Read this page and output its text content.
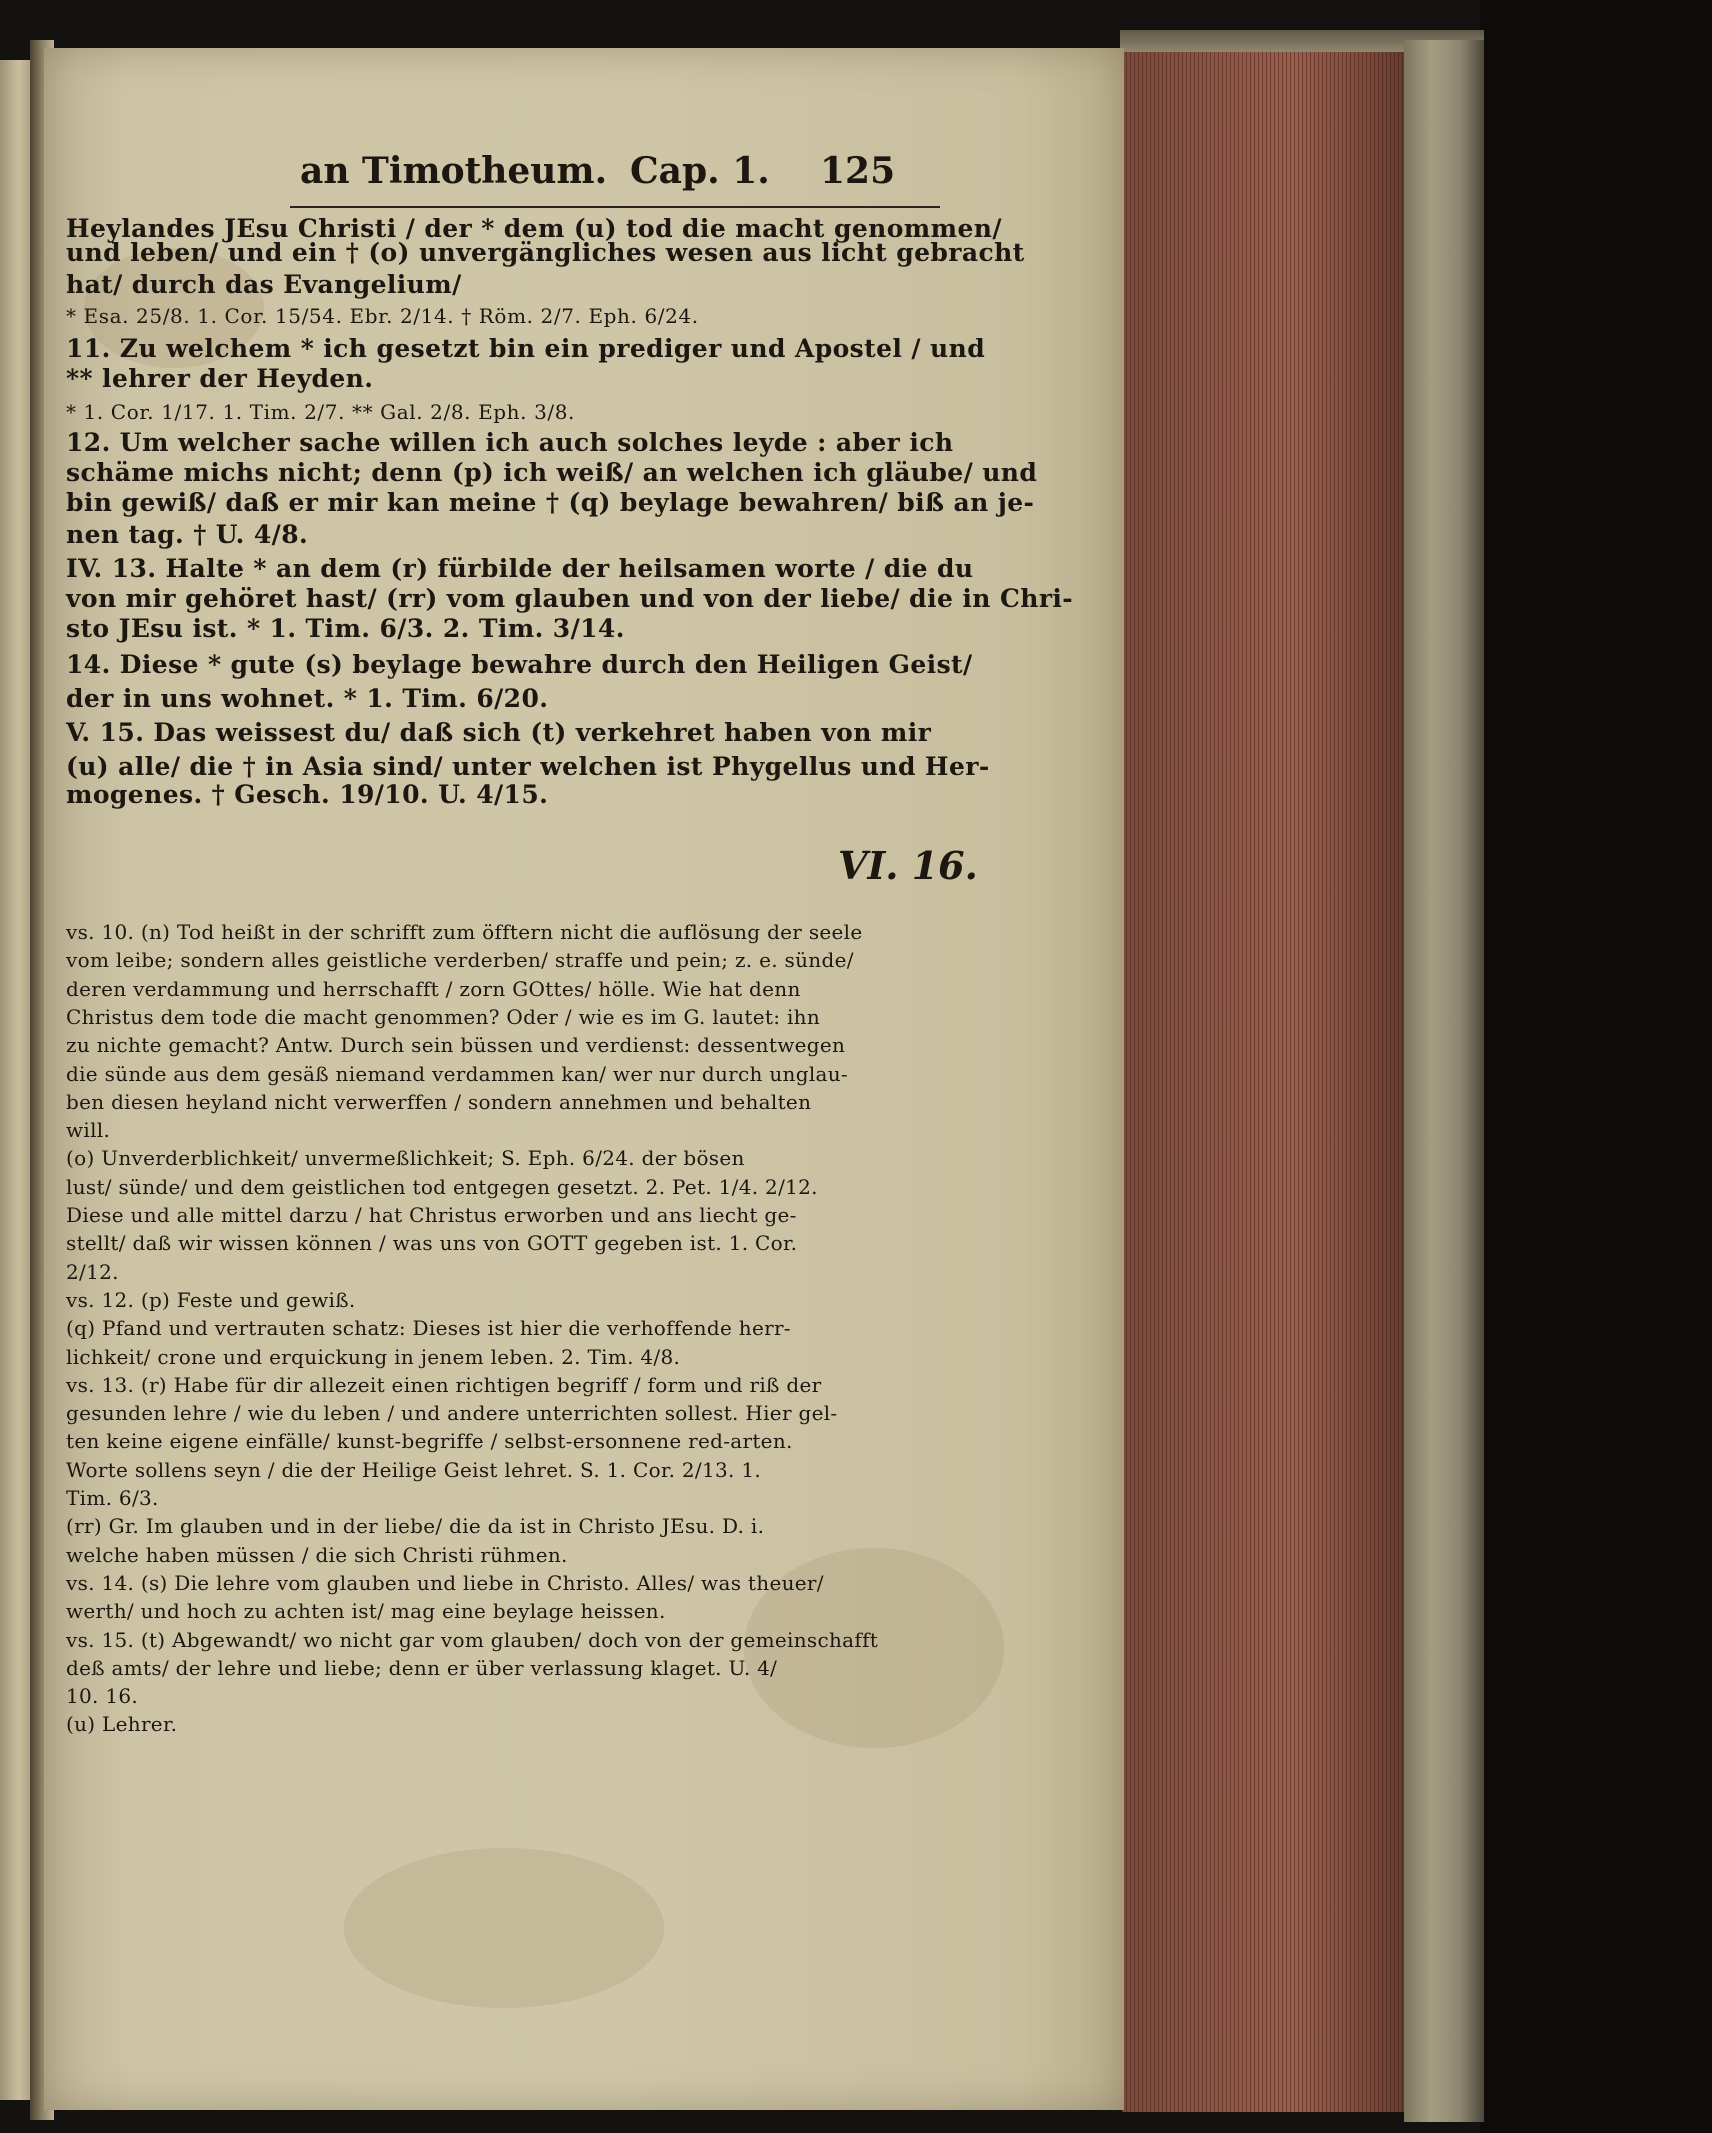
an Timotheum. Cap. 1. 125
Heylandes JEsu Christi / der * dem (u) tod die macht genommen/
und leben/ und ein † (o) unvergängliches wesen aus licht gebracht
hat/ durch das Evangelium/
* Esa. 25/8. 1. Cor. 15/54. Ebr. 2/14. † Röm. 2/7. Eph. 6/24.
11. Zu welchem * ich gesetzt bin ein prediger und Apostel / und
** lehrer der Heyden.
* 1. Cor. 1/17. 1. Tim. 2/7. ** Gal. 2/8. Eph. 3/8.
12. Um welcher sache willen ich auch solches leyde : aber ich
schäme michs nicht; denn (p) ich weiß/ an welchen ich gläube/ und
bin gewiß/ daß er mir kan meine † (q) beylage bewahren/ biß an je-
nen tag. † U. 4/8.
IV. 13. Halte * an dem (r) fürbilde der heilsamen worte / die du
von mir gehöret hast/ (rr) vom glauben und von der liebe/ die in Chri-
sto JEsu ist. * 1. Tim. 6/3. 2. Tim. 3/14.
14. Diese * gute (s) beylage bewahre durch den Heiligen Geist/
der in uns wohnet. * 1. Tim. 6/20.
V. 15. Das weissest du/ daß sich (t) verkehret haben von mir
(u) alle/ die † in Asia sind/ unter welchen ist Phygellus und Her-
mogenes. † Gesch. 19/10. U. 4/15.
VI. 16.
vs. 10. (n) Tod heißt in der schrifft zum öfftern nicht die auflösung der seele
vom leibe; sondern alles geistliche verderben/ straffe und pein; z. e. sünde/
deren verdammung und herrschafft / zorn GOttes/ hölle. Wie hat denn
Christus dem tode die macht genommen? Oder / wie es im G. lautet: ihn
zu nichte gemacht? Antw. Durch sein büssen und verdienst: dessentwegen
die sünde aus dem gesäß niemand verdammen kan/ wer nur durch unglau-
ben diesen heyland nicht verwerffen / sondern annehmen und behalten
will.
(o) Unverderblichkeit/ unvermeßlichkeit; S. Eph. 6/24. der bösen
lust/ sünde/ und dem geistlichen tod entgegen gesetzt. 2. Pet. 1/4. 2/12.
Diese und alle mittel darzu / hat Christus erworben und ans liecht ge-
stellt/ daß wir wissen können / was uns von GOTT gegeben ist. 1. Cor.
2/12.
vs. 12. (p) Feste und gewiß.
(q) Pfand und vertrauten schatz: Dieses ist hier die verhoffende herr-
lichkeit/ crone und erquickung in jenem leben. 2. Tim. 4/8.
vs. 13. (r) Habe für dir allezeit einen richtigen begriff / form und riß der
gesunden lehre / wie du leben / und andere unterrichten sollest. Hier gel-
ten keine eigene einfälle/ kunst-begriffe / selbst-ersonnene red-arten.
Worte sollens seyn / die der Heilige Geist lehret. S. 1. Cor. 2/13. 1.
Tim. 6/3.
(rr) Gr. Im glauben und in der liebe/ die da ist in Christo JEsu. D. i.
welche haben müssen / die sich Christi rühmen.
vs. 14. (s) Die lehre vom glauben und liebe in Christo. Alles/ was theuer/
werth/ und hoch zu achten ist/ mag eine beylage heissen.
vs. 15. (t) Abgewandt/ wo nicht gar vom glauben/ doch von der gemeinschafft
deß amts/ der lehre und liebe; denn er über verlassung klaget. U. 4/
10. 16.
(u) Lehrer.
